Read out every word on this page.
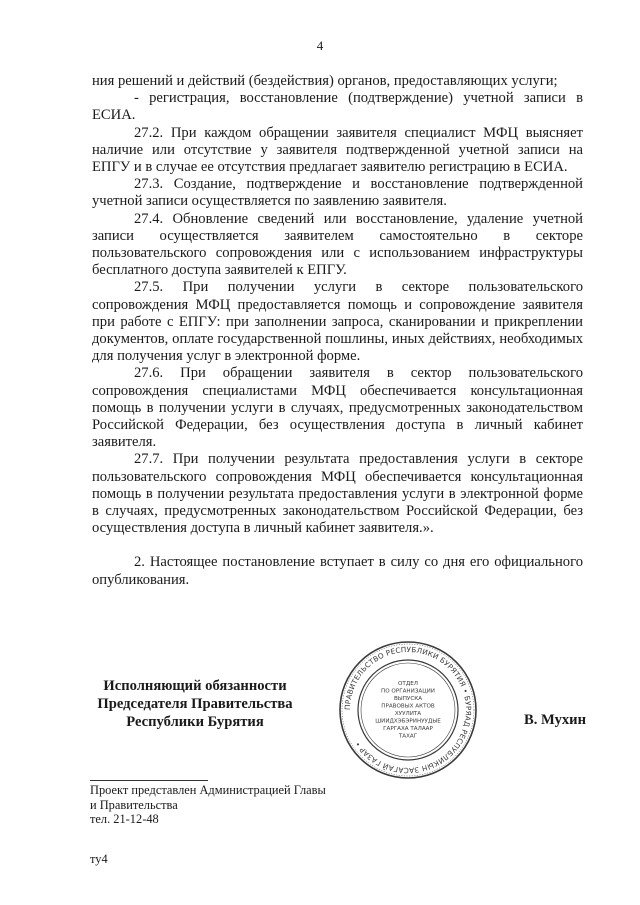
4

ния решений и действий (бездействия) органов, предоставляющих услуги;

- регистрация, восстановление (подтверждение) учетной записи в ЕСИА.

27.2. При каждом обращении заявителя специалист МФЦ выясняет наличие или отсутствие у заявителя подтвержденной учетной записи на ЕПГУ и в случае ее отсутствия предлагает заявителю регистрацию в ЕСИА.

27.3. Создание, подтверждение и восстановление подтвержденной учетной записи осуществляется по заявлению заявителя.

27.4. Обновление сведений или восстановление, удаление учетной записи осуществляется заявителем самостоятельно в секторе пользовательского сопровождения или с использованием инфраструктуры бесплатного доступа заявителей к ЕПГУ.

27.5. При получении услуги в секторе пользовательского сопровождения МФЦ предоставляется помощь и сопровождение заявителя при работе с ЕПГУ: при заполнении запроса, сканировании и прикреплении документов, оплате государственной пошлины, иных действиях, необходимых для получения услуг в электронной форме.

27.6. При обращении заявителя в сектор пользовательского сопровождения специалистами МФЦ обеспечивается консультационная помощь в получении услуги в случаях, предусмотренных законодательством Российской Федерации, без осуществления доступа в личный кабинет заявителя.

27.7. При получении результата предоставления услуги в секторе пользовательского сопровождения МФЦ обеспечивается консультационная помощь в получении результата предоставления услуги в электронной форме в случаях, предусмотренных законодательством Российской Федерации, без осуществления доступа в личный кабинет заявителя.».

2. Настоящее постановление вступает в силу со дня его официального опубликования.

Исполняющий обязанности
Председателя Правительства
Республики Бурятия
ПРАВИТЕЛЬСТВО РЕСПУБЛИКИ БУРЯТИЯ • БУРЯАД РЕСПУБЛИКЫН ЗАСАГАЙ ГАЗАР •
ОТДЕЛ
ПО ОРГАНИЗАЦИИ
ВЫПУСКА
ПРАВОВЫХ АКТОВ
ХУУЛИТА
ШИИДХЭБЭРИНУУДЫЕ
ГАРГАХА ТАЛААР
ТАХАГ
В. Мухин
Проект представлен Администрацией Главы
и Правительства
тел. 21-12-48
ту4
